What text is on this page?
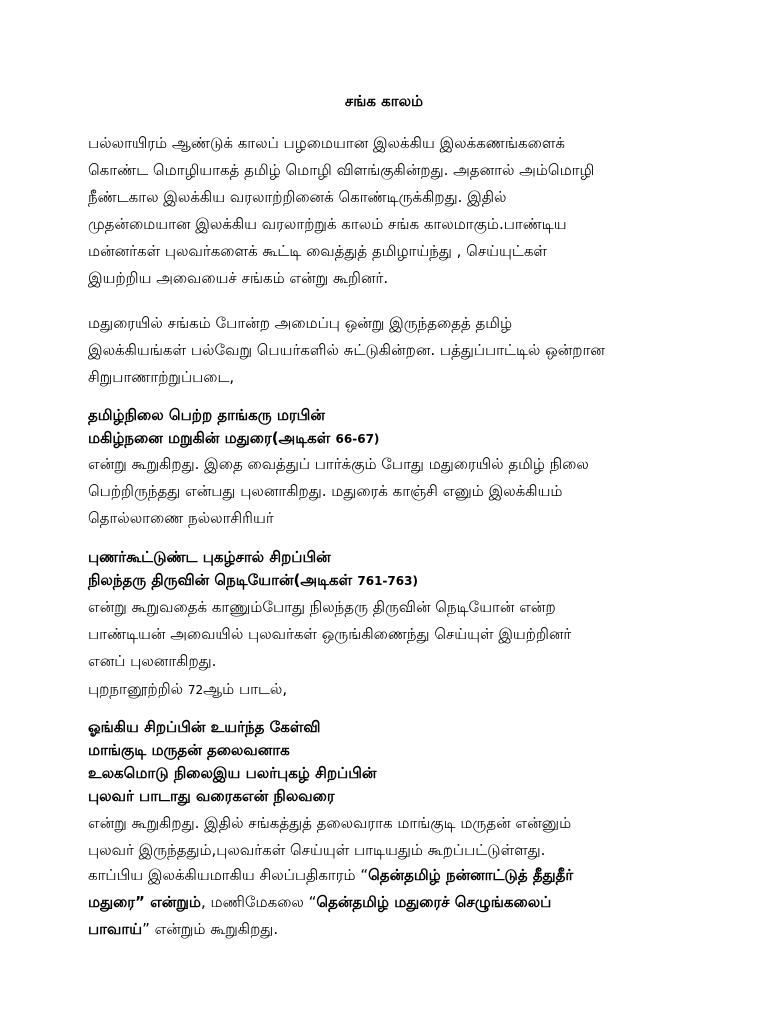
சங்க காலம்
பல்லாயிரம் ஆண்டுக் காலப் பழமையான இலக்கிய இலக்கணங்களைக்
கொண்ட மொழியாகத் தமிழ் மொழி விளங்குகின்றது. அதனால் அம்மொழி
நீண்டகால இலக்கிய வரலாற்றினைக் கொண்டிருக்கிறது. இதில்
முதன்மையான இலக்கிய வரலாற்றுக் காலம் சங்க காலமாகும்.பாண்டிய
மன்னர்கள் புலவர்களைக் கூட்டி வைத்துத் தமிழாய்ந்து , செய்யுட்கள்
இயற்றிய அவையைச் சங்கம் என்று கூறினர்.
மதுரையில் சங்கம் போன்ற அமைப்பு ஒன்று இருந்ததைத் தமிழ்
இலக்கியங்கள் பல்வேறு பெயர்களில் சுட்டுகின்றன. பத்துப்பாட்டில் ஒன்றான
சிறுபாணாற்றுப்படை,
தமிழ்நிலை பெற்ற தாங்கரு மரபின்
மகிழ்நனை மறுகின் மதுரை(அடிகள் 66-67)
என்று கூறுகிறது. இதை வைத்துப் பார்க்கும் போது மதுரையில் தமிழ் நிலை
பெற்றிருந்தது என்பது புலனாகிறது. மதுரைக் காஞ்சி எனும் இலக்கியம்
தொல்லாணை நல்லாசிரியர்
புணர்கூட்டுண்ட புகழ்சால் சிறப்பின்
நிலந்தரு திருவின் நெடியோன்(அடிகள் 761-763)
என்று கூறுவதைக் காணும்போது நிலந்தரு திருவின் நெடியோன் என்ற
பாண்டியன் அவையில் புலவர்கள் ஒருங்கிணைந்து செய்யுள் இயற்றினர்
எனப் புலனாகிறது.
புறநானூற்றில் 72ஆம் பாடல்,
ஓங்கிய சிறப்பின் உயர்ந்த கேள்வி
மாங்குடி மருதன் தலைவனாக
உலகமொடு நிலைஇய பலர்புகழ் சிறப்பின்
புலவர் பாடாது வரைகஎன் நிலவரை
என்று கூறுகிறது. இதில் சங்கத்துத் தலைவராக மாங்குடி மருதன் என்னும்
புலவர் இருந்ததும்,புலவர்கள் செய்யுள் பாடியதும் கூறப்பட்டுள்ளது.
காப்பிய இலக்கியமாகிய சிலப்பதிகாரம் “தென்தமிழ் நன்னாட்டுத் தீதுதீர்
மதுரை” என்றும், மணிமேகலை “தென்தமிழ் மதுரைச் செழுங்கலைப்
பாவாய்” என்றும் கூறுகிறது.
